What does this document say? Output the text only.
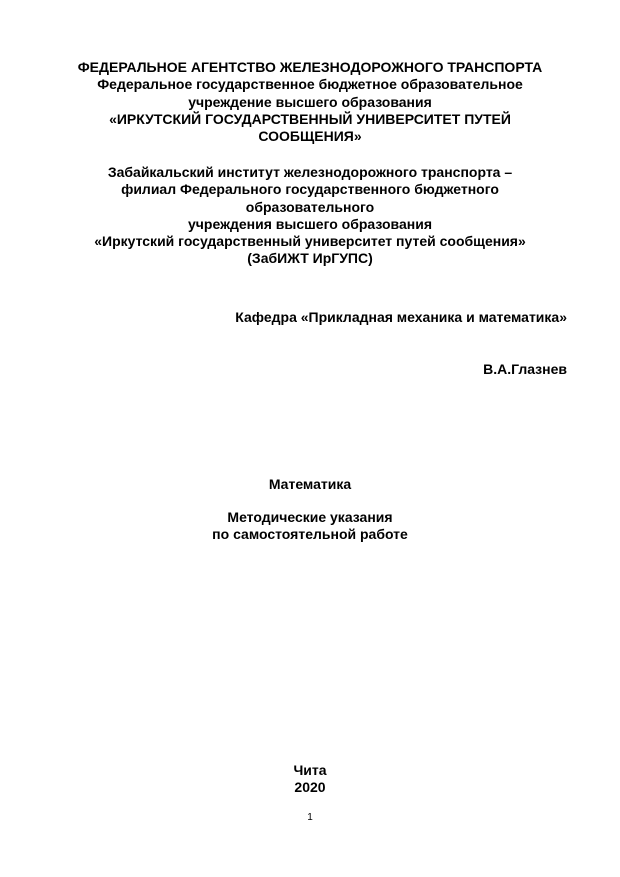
ФЕДЕРАЛЬНОЕ АГЕНТСТВО ЖЕЛЕЗНОДОРОЖНОГО ТРАНСПОРТА
Федеральное государственное бюджетное образовательное
учреждение высшего образования
«ИРКУТСКИЙ ГОСУДАРСТВЕННЫЙ УНИВЕРСИТЕТ ПУТЕЙ
СООБЩЕНИЯ»
Забайкальский институт железнодорожного транспорта –
филиал Федерального государственного бюджетного
образовательного
учреждения высшего образования
«Иркутский государственный университет путей сообщения»
(ЗабИЖТ ИрГУПС)
Кафедра «Прикладная механика и математика»
В.А.Глазнев
Математика
Методические указания
по самостоятельной работе
Чита
2020
1
